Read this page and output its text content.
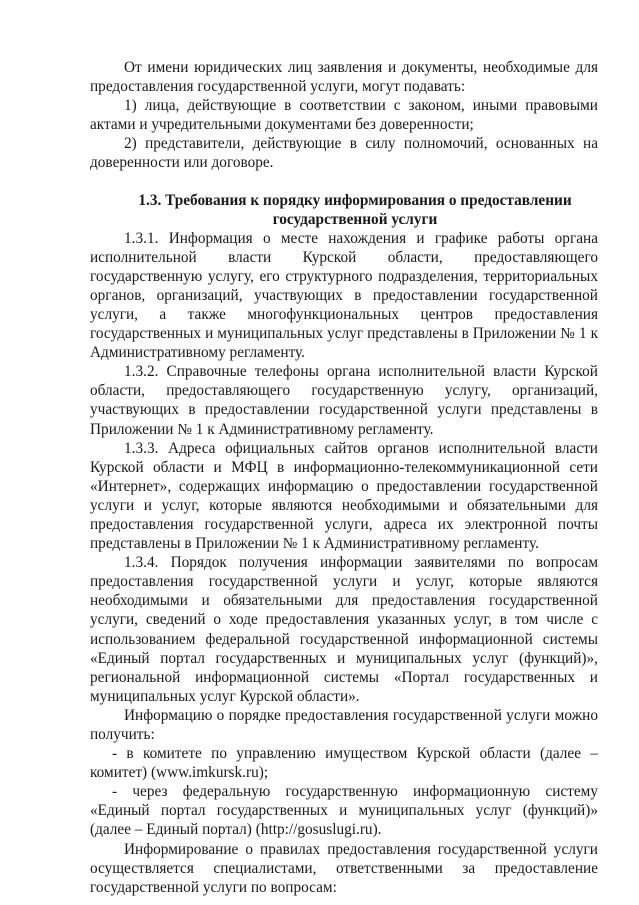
От имени юридических лиц заявления и документы, необходимые для предоставления государственной услуги, могут подавать:

1) лица, действующие в соответствии с законом, иными правовыми актами и учредительными документами без доверенности;

2) представители, действующие в силу полномочий, основанных на доверенности или договоре.

1.3. Требования к порядку информирования о предоставлении государственной услуги

1.3.1. Информация о месте нахождения и графике работы органа исполнительной власти Курской области, предоставляющего государственную услугу, его структурного подразделения, территориальных органов, организаций, участвующих в предоставлении государственной услуги, а также многофункциональных центров предоставления государственных и муниципальных услуг представлены в Приложении № 1 к Административному регламенту.

1.3.2. Справочные телефоны органа исполнительной власти Курской области, предоставляющего государственную услугу, организаций, участвующих в предоставлении государственной услуги представлены в Приложении № 1 к Административному регламенту.

1.3.3. Адреса официальных сайтов органов исполнительной власти Курской области и МФЦ в информационно-телекоммуникационной сети «Интернет», содержащих информацию о предоставлении государственной услуги и услуг, которые являются необходимыми и обязательными для предоставления государственной услуги, адреса их электронной почты представлены в Приложении № 1 к Административному регламенту.

1.3.4. Порядок получения информации заявителями по вопросам предоставления государственной услуги и услуг, которые являются необходимыми и обязательными для предоставления государственной услуги, сведений о ходе предоставления указанных услуг, в том числе с использованием федеральной государственной информационной системы «Единый портал государственных и муниципальных услуг (функций)», региональной информационной системы «Портал государственных и муниципальных услуг Курской области».

Информацию о порядке предоставления государственной услуги можно получить:

- в комитете по управлению имуществом Курской области (далее – комитет) (www.imkursk.ru);

- через федеральную государственную информационную систему «Единый портал государственных и муниципальных услуг (функций)» (далее – Единый портал) (http://gosuslugi.ru).

Информирование о правилах предоставления государственной услуги осуществляется специалистами, ответственными за предоставление государственной услуги по вопросам:
